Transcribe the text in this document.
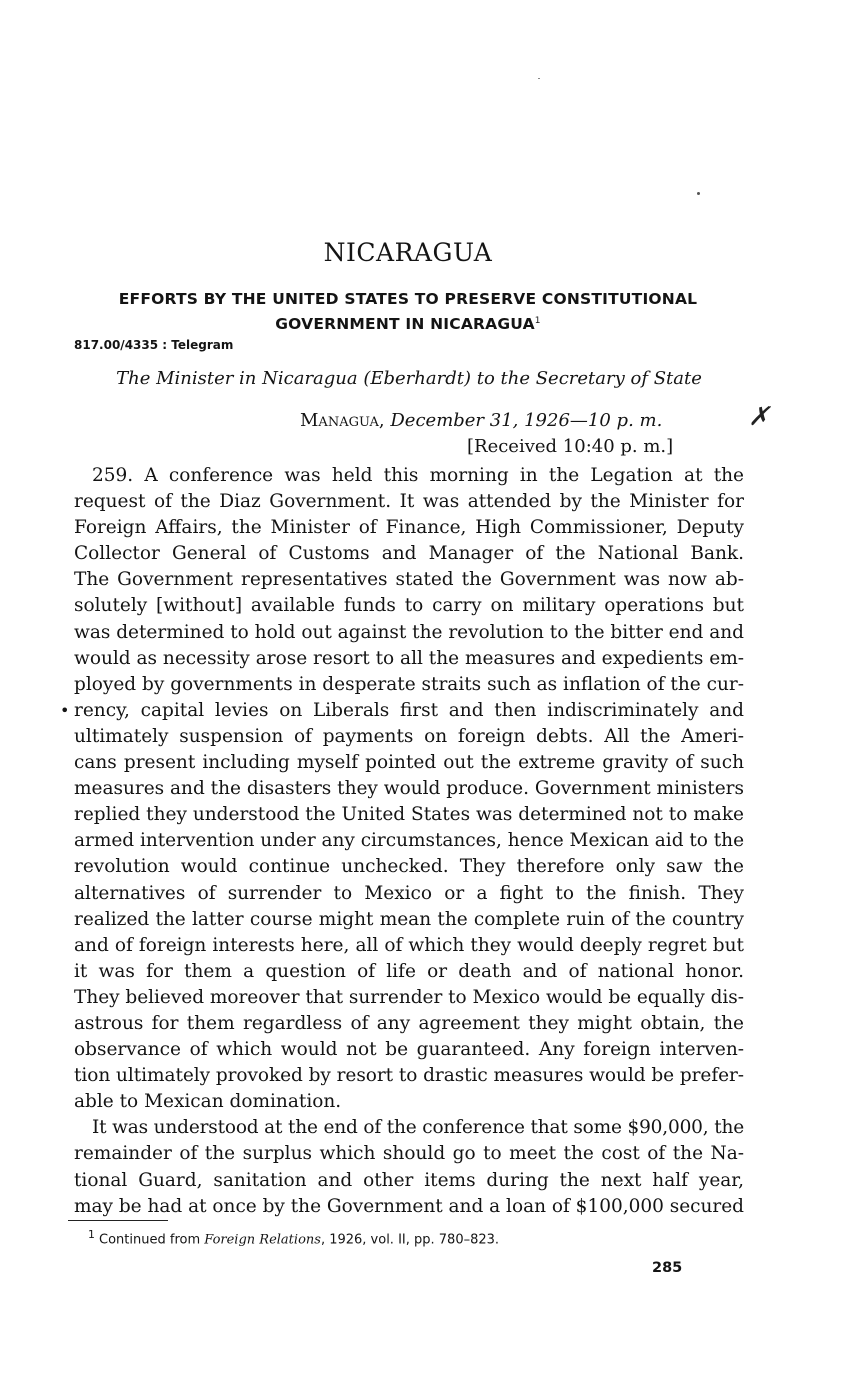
NICARAGUA
EFFORTS BY THE UNITED STATES TO PRESERVE CONSTITUTIONAL
GOVERNMENT IN NICARAGUA$^1$
817.00/4335 : Telegram
The Minister in Nicaragua (Eberhardt) to the Secretary of State
Managua, December 31, 1926—10 p. m.	✗
[Received 10:40 p. m.]
•
259. A conference was held this morning in the Legation at the
request of the Diaz Government. It was attended by the Minister for
Foreign Affairs, the Minister of Finance, High Commissioner, Deputy
Collector General of Customs and Manager of the National Bank.
The Government representatives stated the Government was now ab-
solutely [without] available funds to carry on military operations but
was determined to hold out against the revolution to the bitter end and
would as necessity arose resort to all the measures and expedients em-
ployed by governments in desperate straits such as inflation of the cur-
rency, capital levies on Liberals first and then indiscriminately and
ultimately suspension of payments on foreign debts. All the Ameri-
cans present including myself pointed out the extreme gravity of such
measures and the disasters they would produce. Government ministers
replied they understood the United States was determined not to make
armed intervention under any circumstances, hence Mexican aid to the
revolution would continue unchecked. They therefore only saw the
alternatives of surrender to Mexico or a fight to the finish. They
realized the latter course might mean the complete ruin of the country
and of foreign interests here, all of which they would deeply regret but
it was for them a question of life or death and of national honor.
They believed moreover that surrender to Mexico would be equally dis-
astrous for them regardless of any agreement they might obtain, the
observance of which would not be guaranteed. Any foreign interven-
tion ultimately provoked by resort to drastic measures would be prefer-
able to Mexican domination.
It was understood at the end of the conference that some $90,000, the
remainder of the surplus which should go to meet the cost of the Na-
tional Guard, sanitation and other items during the next half year,
may be had at once by the Government and a loan of $100,000 secured
$^1$ Continued from Foreign Relations, 1926, vol. II, pp. 780–823.
285
